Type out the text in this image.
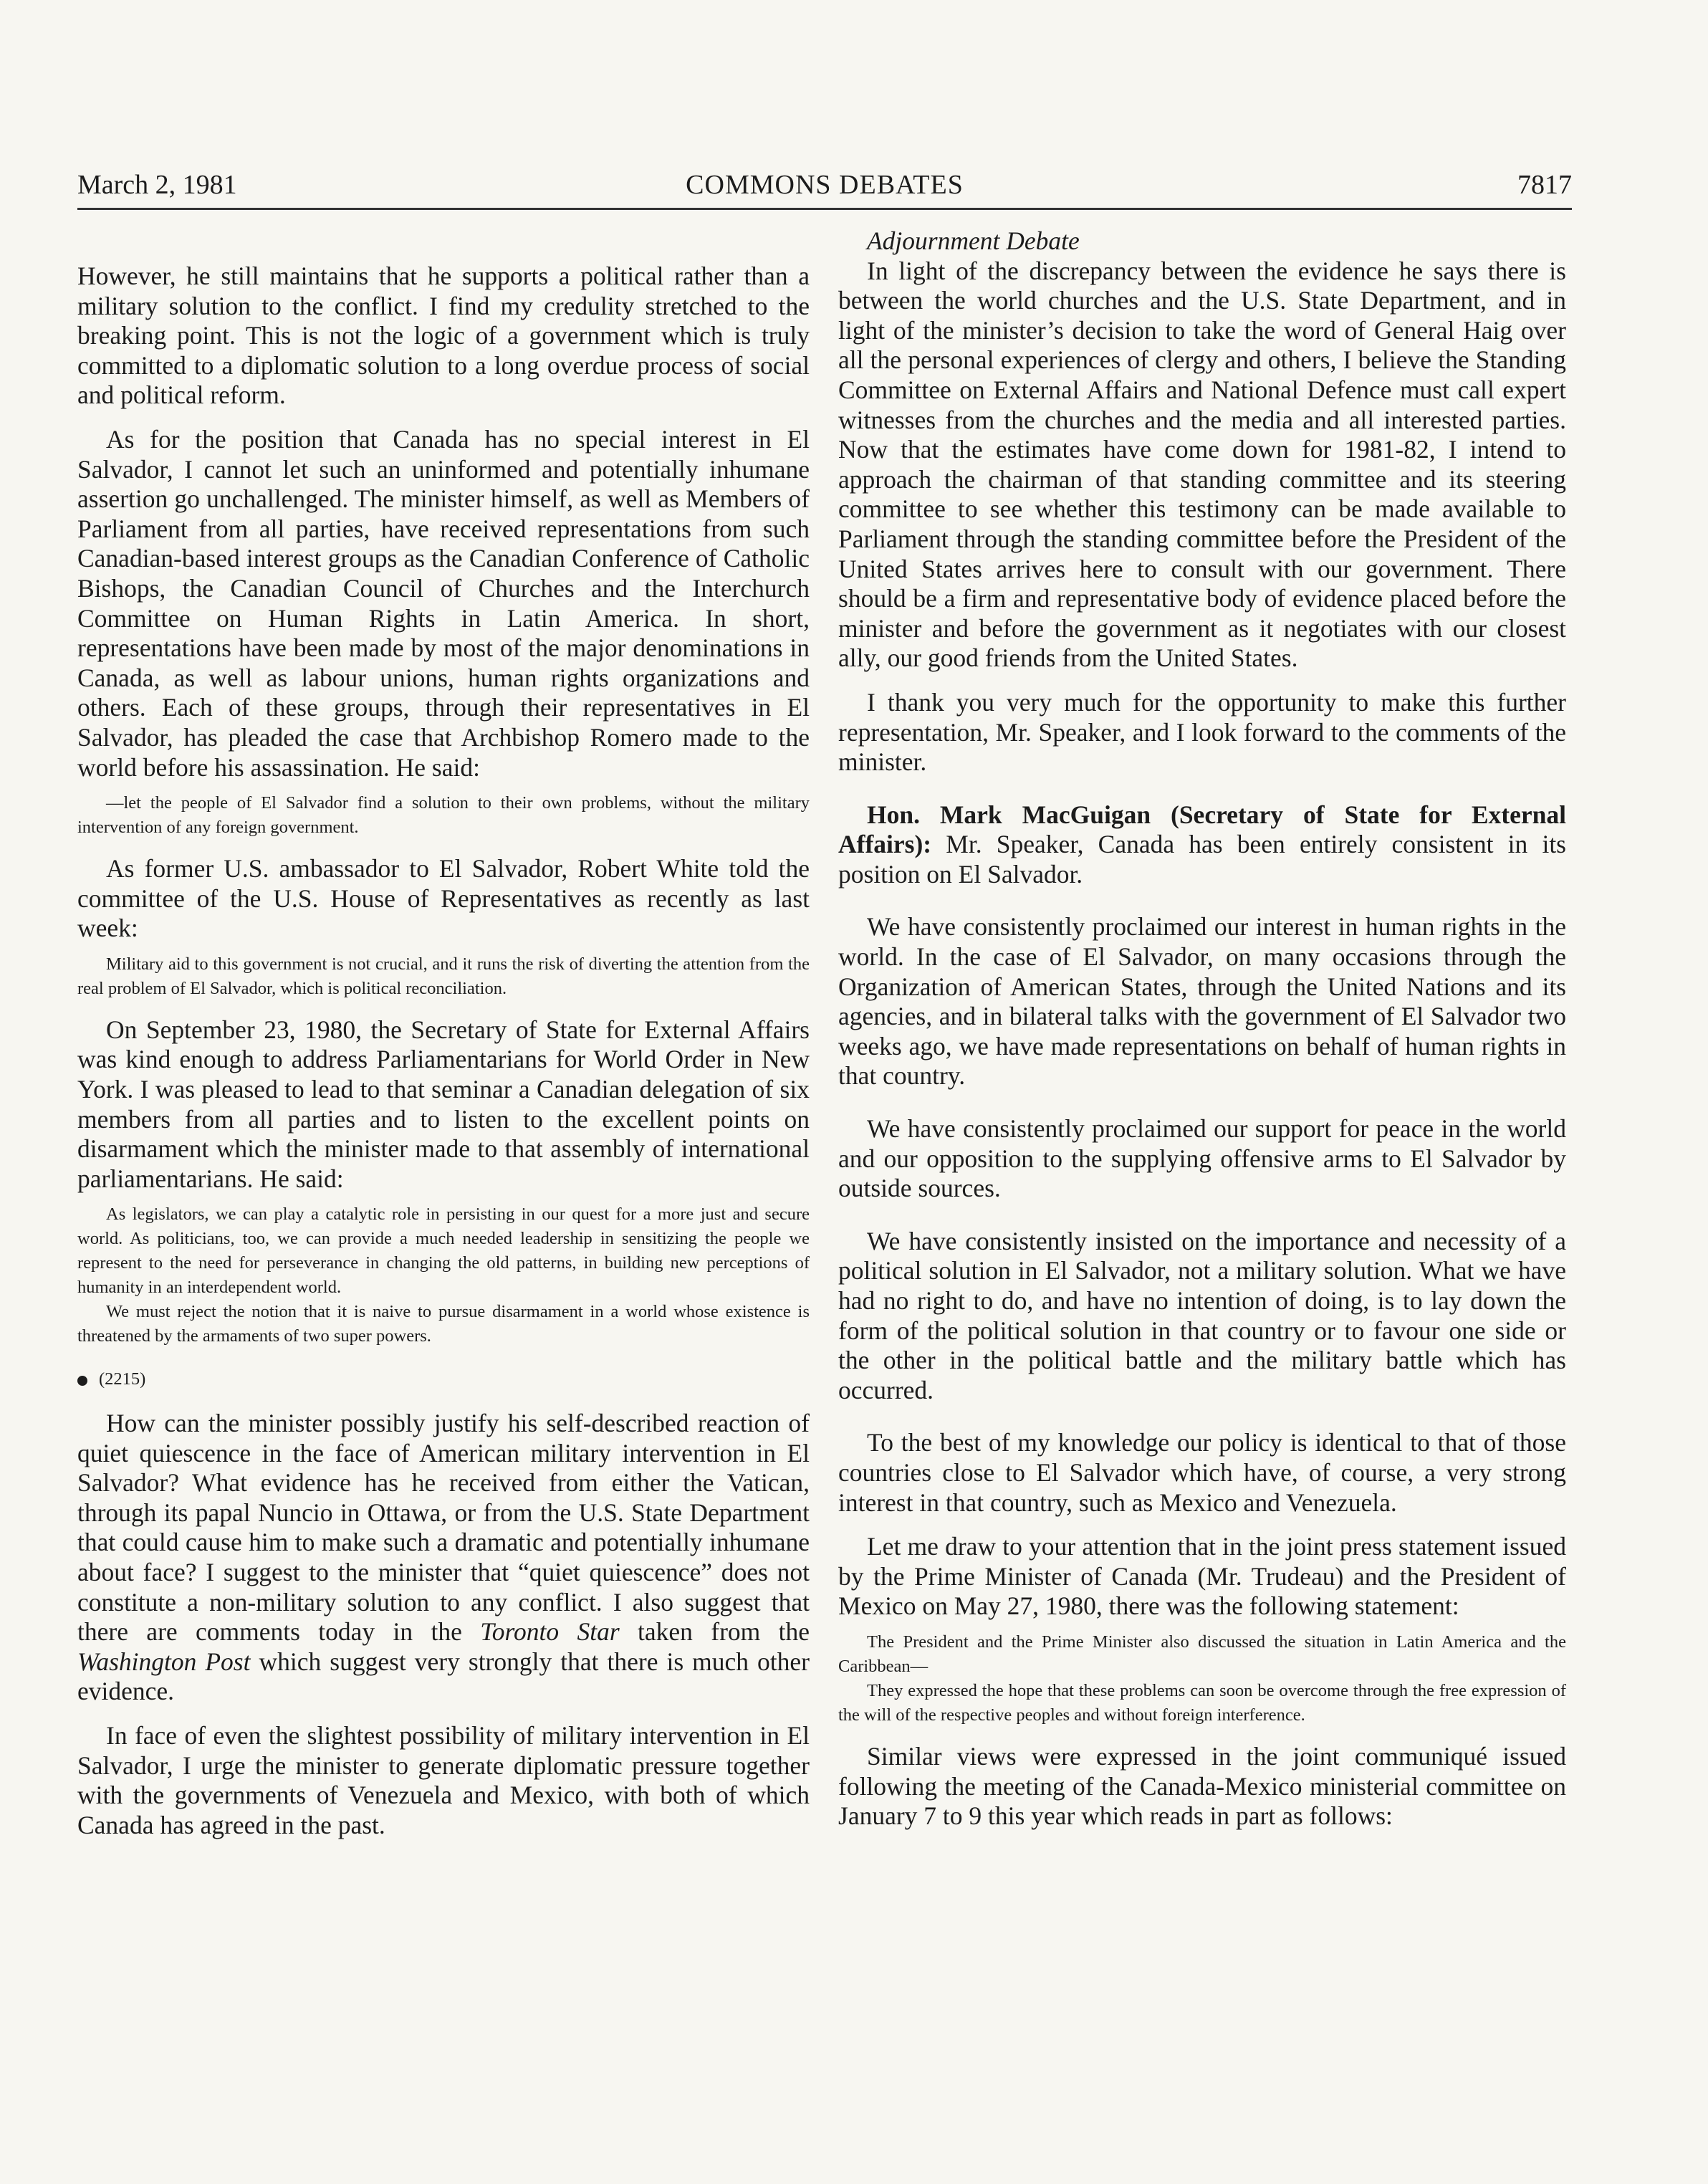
March 2, 1981	COMMONS DEBATES	7817

However, he still maintains that he supports a political rather than a military solution to the conflict. I find my credulity stretched to the breaking point. This is not the logic of a government which is truly committed to a diplomatic solution to a long overdue process of social and political reform.

As for the position that Canada has no special interest in El Salvador, I cannot let such an uninformed and potentially inhumane assertion go unchallenged. The minister himself, as well as Members of Parliament from all parties, have received representations from such Canadian-based interest groups as the Canadian Conference of Catholic Bishops, the Canadian Council of Churches and the Interchurch Committee on Human Rights in Latin America. In short, representations have been made by most of the major denominations in Canada, as well as labour unions, human rights organizations and others. Each of these groups, through their representatives in El Salvador, has pleaded the case that Archbishop Romero made to the world before his assassination. He said:

—let the people of El Salvador find a solution to their own problems, without the military intervention of any foreign government.

As former U.S. ambassador to El Salvador, Robert White told the committee of the U.S. House of Representatives as recently as last week:

Military aid to this government is not crucial, and it runs the risk of diverting the attention from the real problem of El Salvador, which is political reconciliation.

On September 23, 1980, the Secretary of State for External Affairs was kind enough to address Parliamentarians for World Order in New York. I was pleased to lead to that seminar a Canadian delegation of six members from all parties and to listen to the excellent points on disarmament which the minister made to that assembly of international parliamentarians. He said:

As legislators, we can play a catalytic role in persisting in our quest for a more just and secure world. As politicians, too, we can provide a much needed leadership in sensitizing the people we represent to the need for perseverance in changing the old patterns, in building new perceptions of humanity in an interdependent world.

We must reject the notion that it is naive to pursue disarmament in a world whose existence is threatened by the armaments of two super powers.

(2215)

How can the minister possibly justify his self-described reaction of quiet quiescence in the face of American military intervention in El Salvador? What evidence has he received from either the Vatican, through its papal Nuncio in Ottawa, or from the U.S. State Department that could cause him to make such a dramatic and potentially inhumane about face? I suggest to the minister that “quiet quiescence” does not constitute a non-military solution to any conflict. I also suggest that there are comments today in the Toronto Star taken from the Washington Post which suggest very strongly that there is much other evidence.

In face of even the slightest possibility of military intervention in El Salvador, I urge the minister to generate diplomatic pressure together with the governments of Venezuela and Mexico, with both of which Canada has agreed in the past.

Adjournment Debate

In light of the discrepancy between the evidence he says there is between the world churches and the U.S. State Department, and in light of the minister’s decision to take the word of General Haig over all the personal experiences of clergy and others, I believe the Standing Committee on External Affairs and National Defence must call expert witnesses from the churches and the media and all interested parties. Now that the estimates have come down for 1981-82, I intend to approach the chairman of that standing committee and its steering committee to see whether this testimony can be made available to Parliament through the standing committee before the President of the United States arrives here to consult with our government. There should be a firm and representative body of evidence placed before the minister and before the government as it negotiates with our closest ally, our good friends from the United States.

I thank you very much for the opportunity to make this further representation, Mr. Speaker, and I look forward to the comments of the minister.

Hon. Mark MacGuigan (Secretary of State for External Affairs): Mr. Speaker, Canada has been entirely consistent in its position on El Salvador.

We have consistently proclaimed our interest in human rights in the world. In the case of El Salvador, on many occasions through the Organization of American States, through the United Nations and its agencies, and in bilateral talks with the government of El Salvador two weeks ago, we have made representations on behalf of human rights in that country.

We have consistently proclaimed our support for peace in the world and our opposition to the supplying offensive arms to El Salvador by outside sources.

We have consistently insisted on the importance and necessity of a political solution in El Salvador, not a military solution. What we have had no right to do, and have no intention of doing, is to lay down the form of the political solution in that country or to favour one side or the other in the political battle and the military battle which has occurred.

To the best of my knowledge our policy is identical to that of those countries close to El Salvador which have, of course, a very strong interest in that country, such as Mexico and Venezuela.

Let me draw to your attention that in the joint press statement issued by the Prime Minister of Canada (Mr. Trudeau) and the President of Mexico on May 27, 1980, there was the following statement:

The President and the Prime Minister also discussed the situation in Latin America and the Caribbean—

They expressed the hope that these problems can soon be overcome through the free expression of the will of the respective peoples and without foreign interference.

Similar views were expressed in the joint communiqué issued following the meeting of the Canada-Mexico ministerial committee on January 7 to 9 this year which reads in part as follows:
